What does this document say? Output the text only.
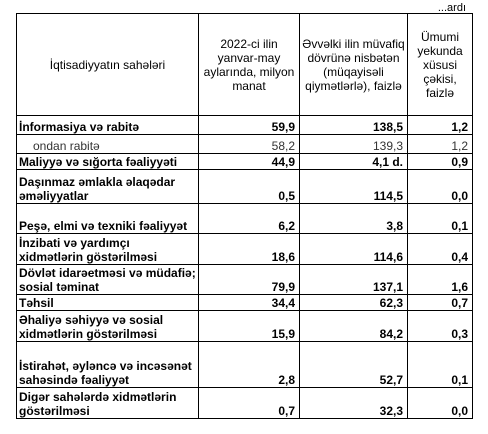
...ardı
İqtisadiyyatın sahələri	2022-ci ilin yanvar-may aylarında, milyon manat	Əvvəlki ilin müvafiq dövrünə nisbətən (müqayisəli qiymətlərlə), faizlə	Ümumi yekunda xüsusi çəkisi, faizlə
İnformasiya və rabitə	59,9	138,5	1,2
ondan rabitə	58,2	139,3	1,2
Maliyyə və sığorta fəaliyyəti	44,9	4,1 d.	0,9
Daşınmaz əmlakla əlaqədar əməliyyatlar	0,5	114,5	0,0
Peşə, elmi və texniki fəaliyyət	6,2	3,8	0,1
İnzibati və yardımçı xidmətlərin göstərilməsi	18,6	114,6	0,4
Dövlət idarəetməsi və müdafiə; sosial təminat	79,9	137,1	1,6
Təhsil	34,4	62,3	0,7
Əhaliyə səhiyyə və sosial xidmətlərin göstərilməsi	15,9	84,2	0,3
İstirahət, əyləncə və incəsənət sahəsində fəaliyyət	2,8	52,7	0,1
Digər sahələrdə xidmətlərin göstərilməsi	0,7	32,3	0,0
